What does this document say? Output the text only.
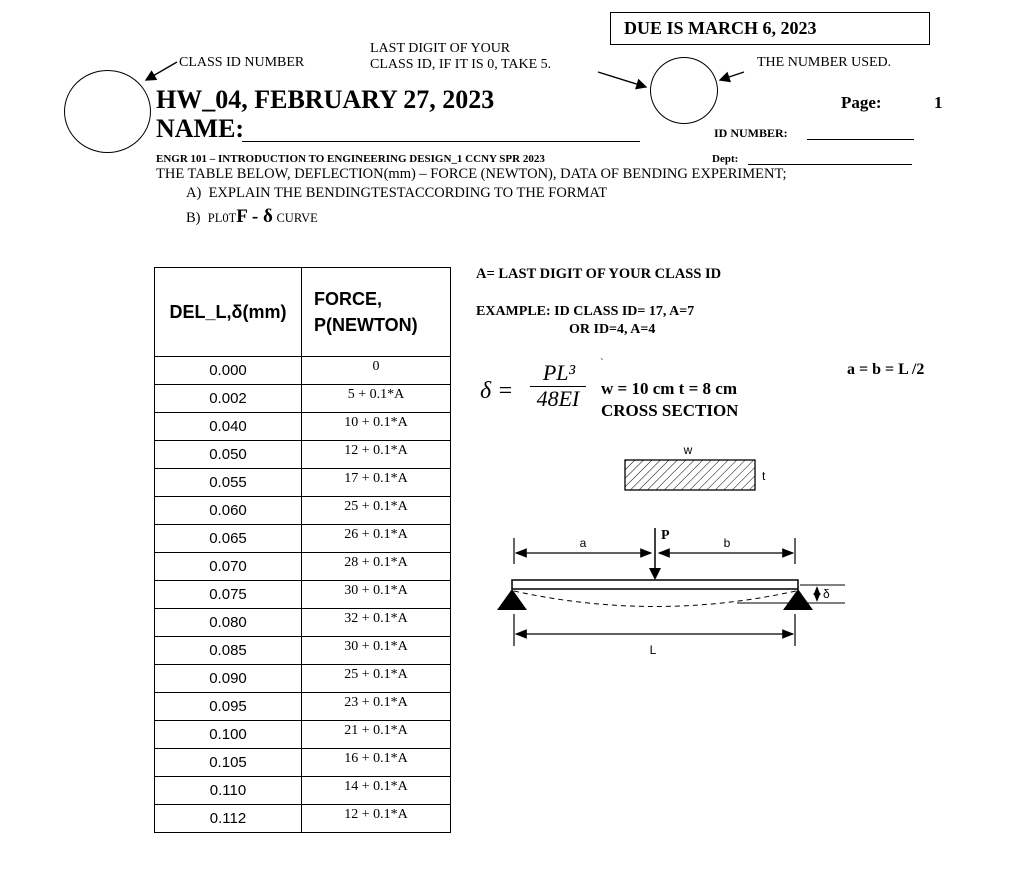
DUE IS MARCH 6, 2023
CLASS ID NUMBER
LAST DIGIT OF YOUR
CLASS ID, IF IT IS 0, TAKE 5.	THE NUMBER USED.
HW_04, FEBRUARY 27, 2023
NAME:
Page:	1
ID NUMBER:
ENGR 101 – INTRODUCTION TO ENGINEERING DESIGN_1 CCNY SPR 2023	Dept:
THE TABLE BELOW, DEFLECTION(mm) – FORCE (NEWTON), DATA OF BENDING EXPERIMENT;
A) EXPLAIN THE BENDINGTESTACCORDING TO THE FORMAT
B) PL0TF - δ CURVE
DEL_L,δ(mm)	FORCE,
P(NEWTON)

0.000	0
0.002	5 + 0.1*A
0.040	10 + 0.1*A
0.050	12 + 0.1*A
0.055	17 + 0.1*A
0.060	25 + 0.1*A
0.065	26 + 0.1*A
0.070	28 + 0.1*A
0.075	30 + 0.1*A
0.080	32 + 0.1*A
0.085	30 + 0.1*A
0.090	25 + 0.1*A
0.095	23 + 0.1*A
0.100	21 + 0.1*A
0.105	16 + 0.1*A
0.110	14 + 0.1*A
0.112	12 + 0.1*A
A= LAST DIGIT OF YOUR CLASS ID
EXAMPLE: ID CLASS ID= 17, A=7
OR ID=4, A=4
δ =
PL³
48EI
`
w = 10 cm t = 8 cm
CROSS SECTION
a = b = L /2
w
t
a	b
P
δ
L
